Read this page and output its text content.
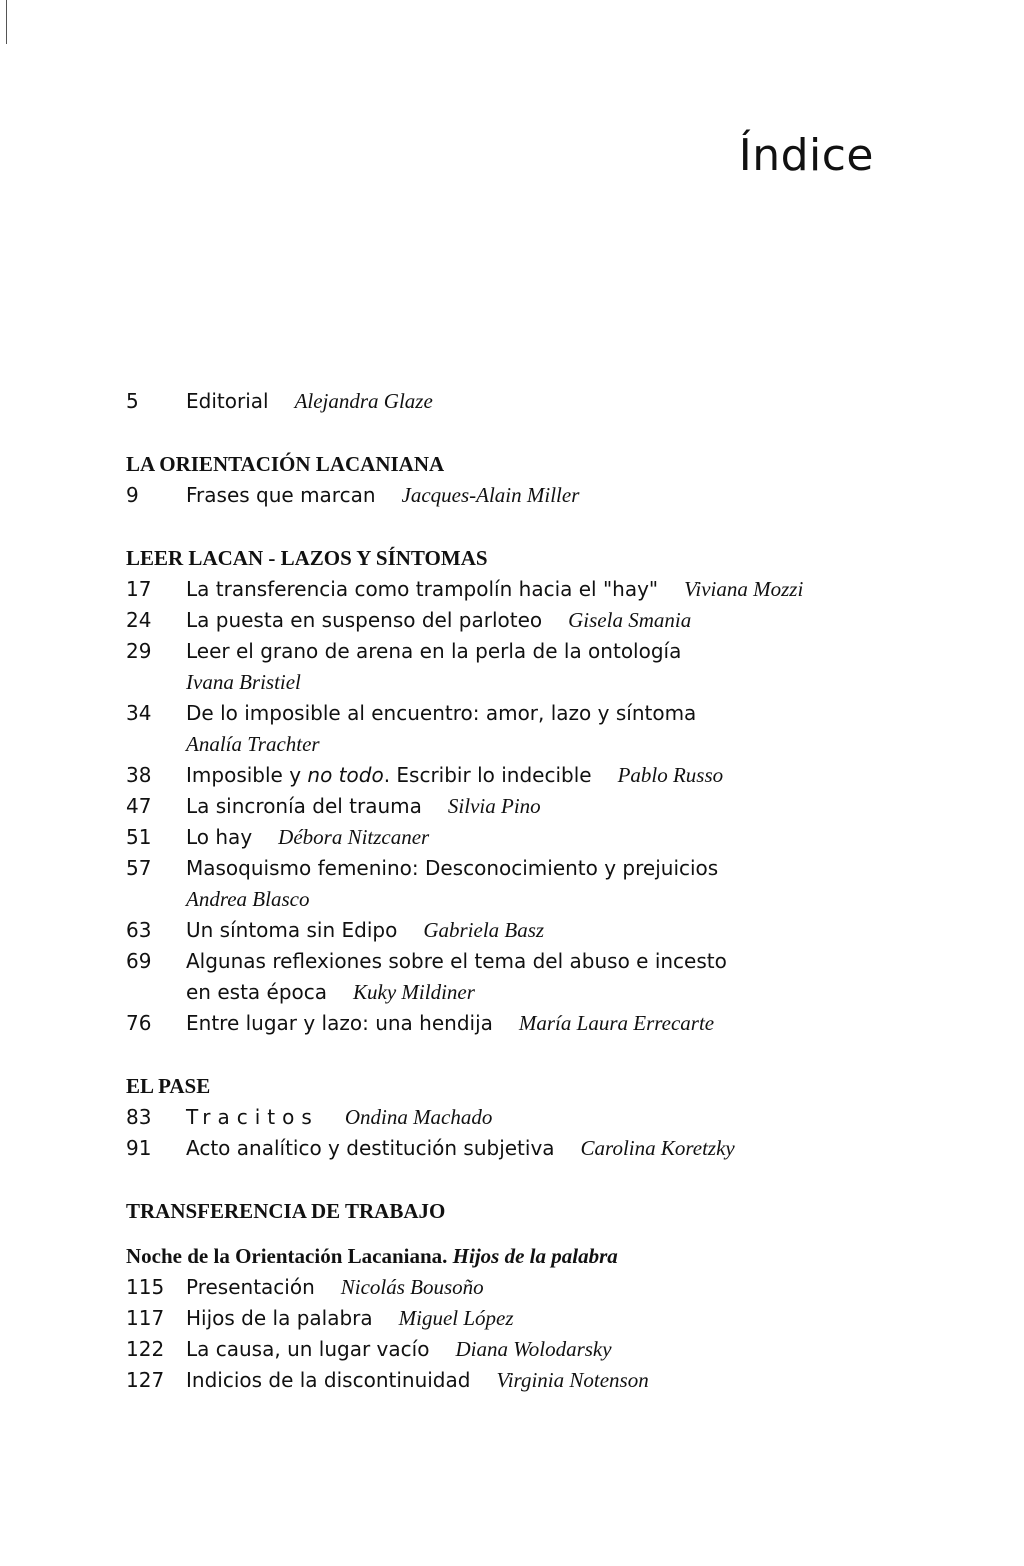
Índice
5	Editorial Alejandra Glaze
LA ORIENTACIÓN LACANIANA
9	Frases que marcan Jacques-Alain Miller
LEER LACAN - LAZOS Y SÍNTOMAS
17	La transferencia como trampolín hacia el "hay" Viviana Mozzi
24	La puesta en suspenso del parloteo Gisela Smania
29	Leer el grano de arena en la perla de la ontología
Ivana Bristiel
34	De lo imposible al encuentro: amor, lazo y síntoma
Analía Trachter
38	Imposible y no todo. Escribir lo indecible Pablo Russo
47	La sincronía del trauma Silvia Pino
51	Lo hay Débora Nitzcaner
57	Masoquismo femenino: Desconocimiento y prejuicios
Andrea Blasco
63	Un síntoma sin Edipo Gabriela Basz
69	Algunas reflexiones sobre el tema del abuso e incesto
en esta época Kuky Mildiner
76	Entre lugar y lazo: una hendija María Laura Errecarte
EL PASE
83	Tracitos Ondina Machado
91	Acto analítico y destitución subjetiva Carolina Koretzky
TRANSFERENCIA DE TRABAJO
Noche de la Orientación Lacaniana. Hijos de la palabra
115	Presentación Nicolás Bousoño
117	Hijos de la palabra Miguel López
122	La causa, un lugar vacío Diana Wolodarsky
127	Indicios de la discontinuidad Virginia Notenson
